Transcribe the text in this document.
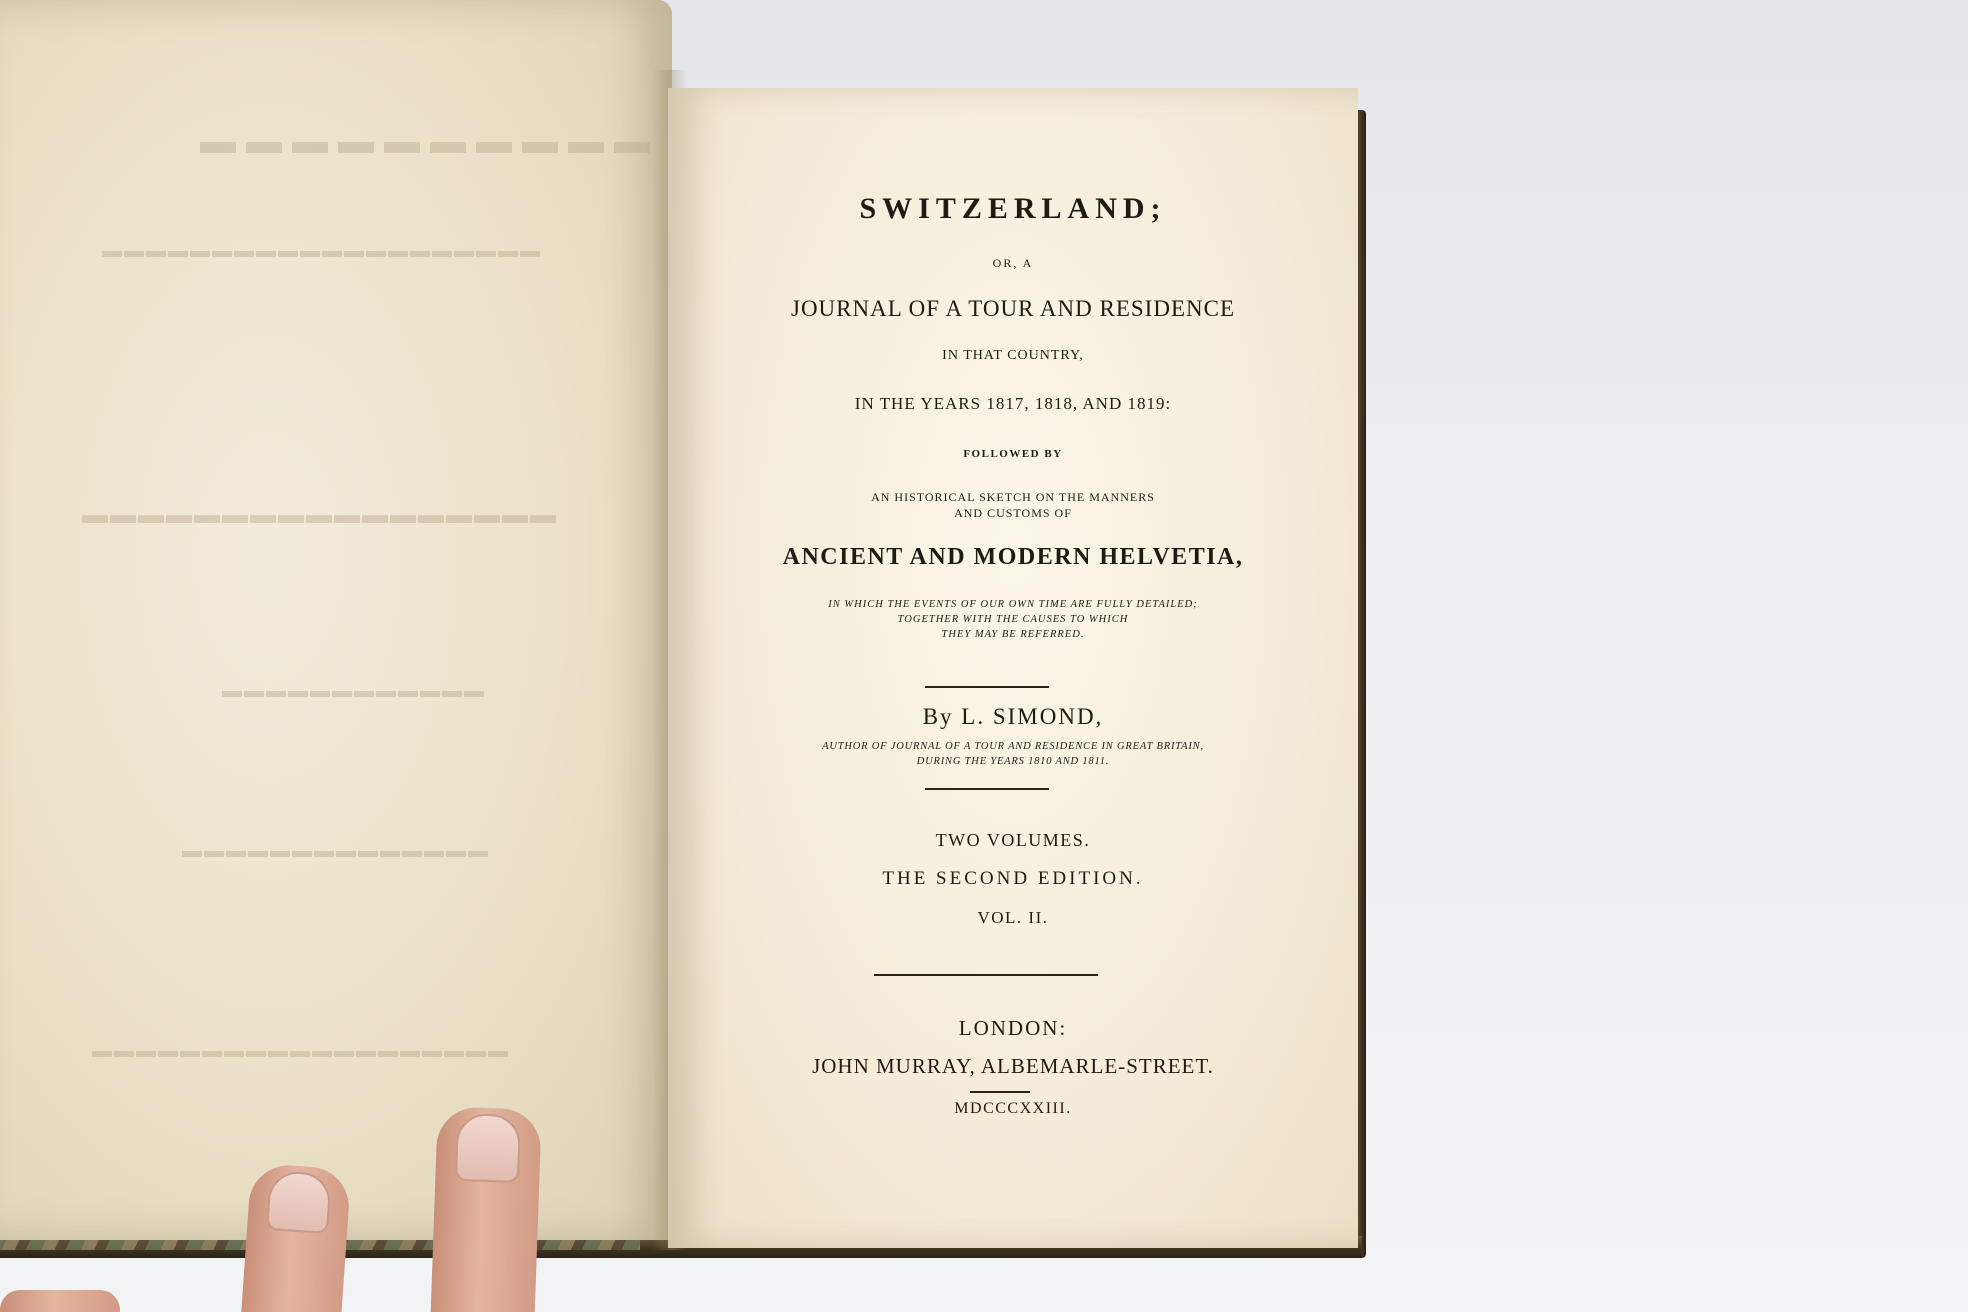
▬▬▬▬▬▬▬▬▬▬
▬▬▬▬▬▬▬▬▬▬▬▬▬▬▬▬▬▬▬▬
▬▬▬▬▬▬▬▬▬▬▬▬▬▬▬▬▬
▬▬▬▬▬▬▬▬▬▬▬▬
▬▬▬▬▬▬▬▬▬▬▬▬▬▬
▬▬▬▬▬▬▬▬▬▬▬▬▬▬▬▬▬▬▬
SWITZERLAND;
OR, A
JOURNAL OF A TOUR AND RESIDENCE
IN THAT COUNTRY,
IN THE YEARS 1817, 1818, AND 1819:
FOLLOWED BY
AN HISTORICAL SKETCH ON THE MANNERS
AND CUSTOMS OF
ANCIENT AND MODERN HELVETIA,
IN WHICH THE EVENTS OF OUR OWN TIME ARE FULLY DETAILED;
TOGETHER WITH THE CAUSES TO WHICH
THEY MAY BE REFERRED.
By L. SIMOND,
AUTHOR OF JOURNAL OF A TOUR AND RESIDENCE IN GREAT BRITAIN,
DURING THE YEARS 1810 AND 1811.
TWO VOLUMES.
THE SECOND EDITION.
VOL. II.
LONDON:
JOHN MURRAY, ALBEMARLE-STREET.
MDCCCXXIII.
